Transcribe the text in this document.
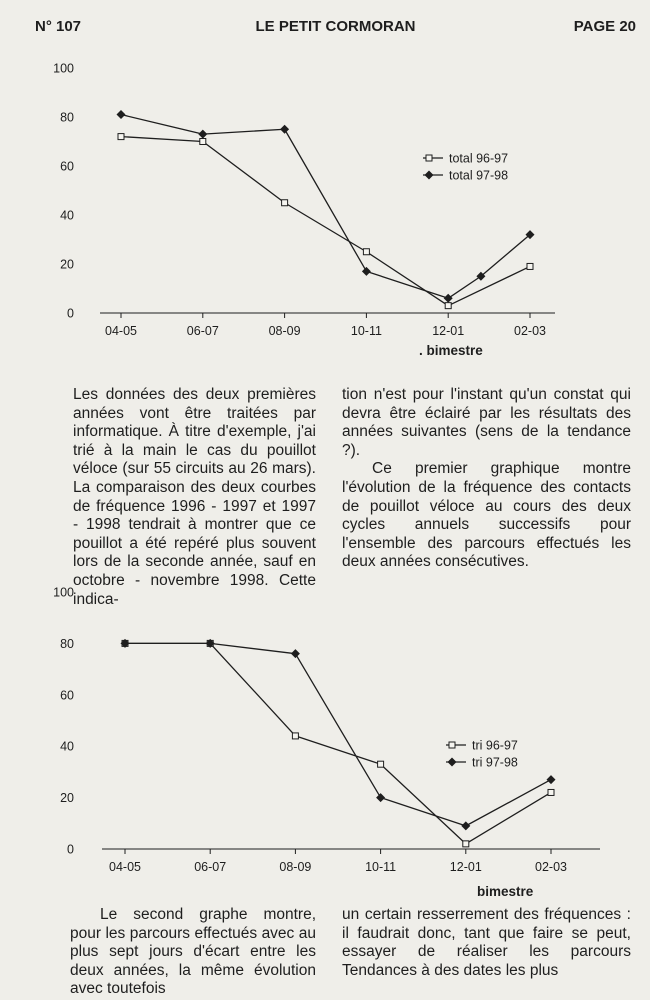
N° 107	LE PETIT CORMORAN	PAGE 20
04-05	06-07	08-09	10-11	12-01	02-03
0
20
40
60
80
100
. bimestre
total 96-97
total 97-98

Les données des deux premières années vont être traitées par informatique. À titre d'exemple, j'ai trié à la main le cas du pouillot véloce (sur 55 circuits au 26 mars). La comparaison des deux courbes de fréquence 1996 - 1997 et 1997 - 1998 tendrait à montrer que ce pouillot a été repéré plus souvent lors de la seconde année, sauf en octobre - novembre 1998. Cette indica-

tion n'est pour l'instant qu'un constat qui devra être éclairé par les résultats des années suivantes (sens de la tendance ?).

Ce premier graphique montre l'évolution de la fréquence des contacts de pouillot véloce au cours des deux cycles annuels successifs pour l'ensemble des parcours effectués les deux années consécutives.

04-05	06-07	08-09	10-11	12-01	02-03
0
20
40
60
80
100
bimestre
tri 96-97
tri 97-98

Le second graphe montre, pour les parcours effectués avec au plus sept jours d'écart entre les deux années, la même évolution avec toutefois

un certain resserrement des fréquences : il faudrait donc, tant que faire se peut, essayer de réaliser les parcours Tendances à des dates les plus
